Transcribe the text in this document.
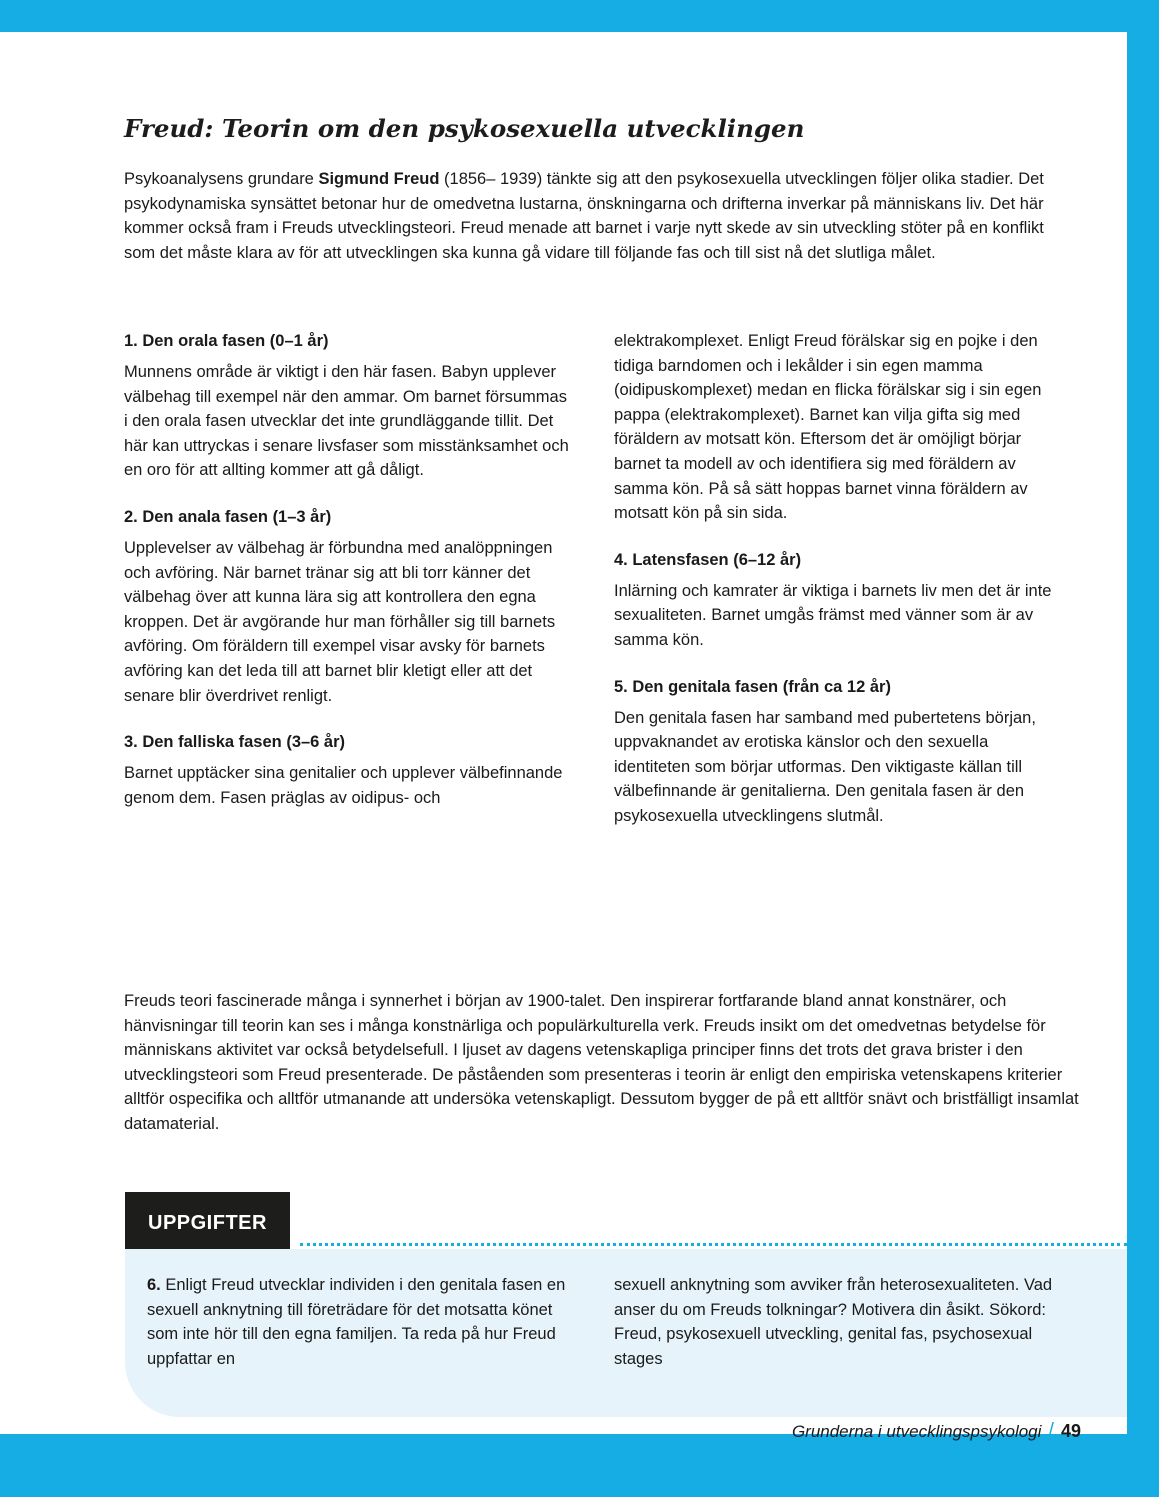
Freud: Teorin om den psykosexuella utvecklingen

Psykoanalysens grundare Sigmund Freud (1856– 1939) tänkte sig att den psykosexuella utvecklingen följer olika stadier. Det psykodynamiska synsättet betonar hur de omedvetna lustarna, önskningarna och drifterna inverkar på människans liv. Det här kommer också fram i Freuds utvecklingsteori. Freud menade att barnet i varje nytt skede av sin utveckling stöter på en konflikt som det måste klara av för att utvecklingen ska kunna gå vidare till följande fas och till sist nå det slutliga målet.

1. Den orala fasen (0–1 år)

Munnens område är viktigt i den här fasen. Babyn upplever välbehag till exempel när den ammar. Om barnet försummas i den orala fasen utvecklar det inte grundläggande tillit. Det här kan uttryckas i senare livsfaser som misstänksamhet och en oro för att allting kommer att gå dåligt.

2. Den anala fasen (1–3 år)

Upplevelser av välbehag är förbundna med analöppningen och avföring. När barnet tränar sig att bli torr känner det välbehag över att kunna lära sig att kontrollera den egna kroppen. Det är avgörande hur man förhåller sig till barnets avföring. Om föräldern till exempel visar avsky för barnets avföring kan det leda till att barnet blir kletigt eller att det senare blir överdrivet renligt.

3. Den falliska fasen (3–6 år)

Barnet upptäcker sina genitalier och upplever välbefinnande genom dem. Fasen präglas av oidipus- och

elektrakomplexet. Enligt Freud förälskar sig en pojke i den tidiga barndomen och i lekålder i sin egen mamma (oidipuskomplexet) medan en flicka förälskar sig i sin egen pappa (elektrakomplexet). Barnet kan vilja gifta sig med föräldern av motsatt kön. Eftersom det är omöjligt börjar barnet ta modell av och identifiera sig med föräldern av samma kön. På så sätt hoppas barnet vinna föräldern av motsatt kön på sin sida.

4. Latensfasen (6–12 år)

Inlärning och kamrater är viktiga i barnets liv men det är inte sexualiteten. Barnet umgås främst med vänner som är av samma kön.

5. Den genitala fasen (från ca 12 år)

Den genitala fasen har samband med pubertetens början, uppvaknandet av erotiska känslor och den sexuella identiteten som börjar utformas. Den viktigaste källan till välbefinnande är genitalierna. Den genitala fasen är den psykosexuella utvecklingens slutmål.

Freuds teori fascinerade många i synnerhet i början av 1900-talet. Den inspirerar fortfarande bland annat konstnärer, och hänvisningar till teorin kan ses i många konstnärliga och populärkulturella verk. Freuds insikt om det omedvetnas betydelse för människans aktivitet var också betydelsefull. I ljuset av dagens vetenskapliga principer finns det trots det grava brister i den utvecklingsteori som Freud presenterade. De påståenden som presenteras i teorin är enligt den empiriska vetenskapens kriterier alltför ospecifika och alltför utmanande att undersöka vetenskapligt. Dessutom bygger de på ett alltför snävt och bristfälligt insamlat datamaterial.

UPPGIFTER

6. Enligt Freud utvecklar individen i den genitala fasen en sexuell anknytning till företrädare för det motsatta könet som inte hör till den egna familjen. Ta reda på hur Freud uppfattar en

sexuell anknytning som avviker från heterosexualiteten. Vad anser du om Freuds tolkningar? Motivera din åsikt. Sökord: Freud, psykosexuell utveckling, genital fas, psychosexual stages

Grunderna i utvecklingspsykologi / 49
